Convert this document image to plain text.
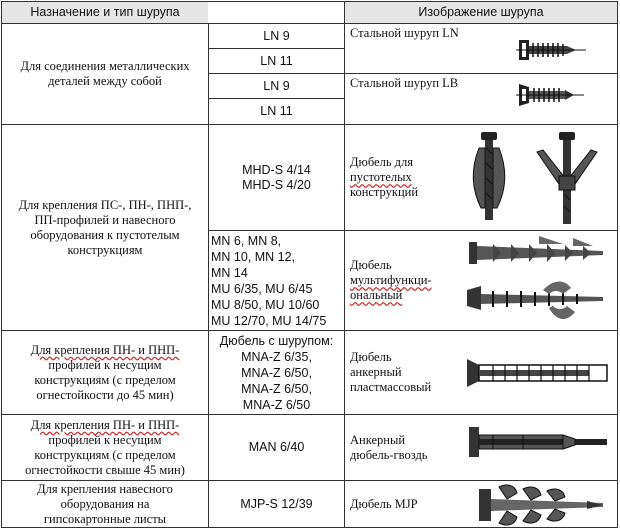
Назначение и тип шурупа	Изображение шурупа
Для соединения металлических
деталей между собой
LN 9
LN 11
LN 9
LN 11
Стальной шуруп LN
Стальной шуруп LB
Для крепления ПС-, ПН-, ПНП-,
ПП-профилей и навесного
оборудования к пустотелым
конструкциям
MHD-S 4/14
MHD-S 4/20
Дюбель для
пустотелых
конструкций
MN 6, MN 8,
MN 10, MN 12,
MN 14
MU 6/35, MU 6/45
MU 8/50, MU 10/60
MU 12/70, MU 14/75
Дюбель
мультифункци-
ональный
Для крепления ПН- и ПНП-
профилей к несущим
конструкциям (с пределом
огнестойкости до 45 мин)
Дюбель с шурупом:
MNA-Z 6/35,
MNA-Z 6/50,
MNA-Z 6/50,
MNA-Z 6/50
Дюбель
анкерный
пластмассовый
Для крепления ПН- и ПНП-
профилей к несущим
конструкциям (с пределом
огнестойкости свыше 45 мин)
MAN 6/40
Анкерный
дюбель-гвоздь
Для крепления навесного
оборудования на
гипсокартонные листы
MJP-S 12/39	Дюбель MJP
